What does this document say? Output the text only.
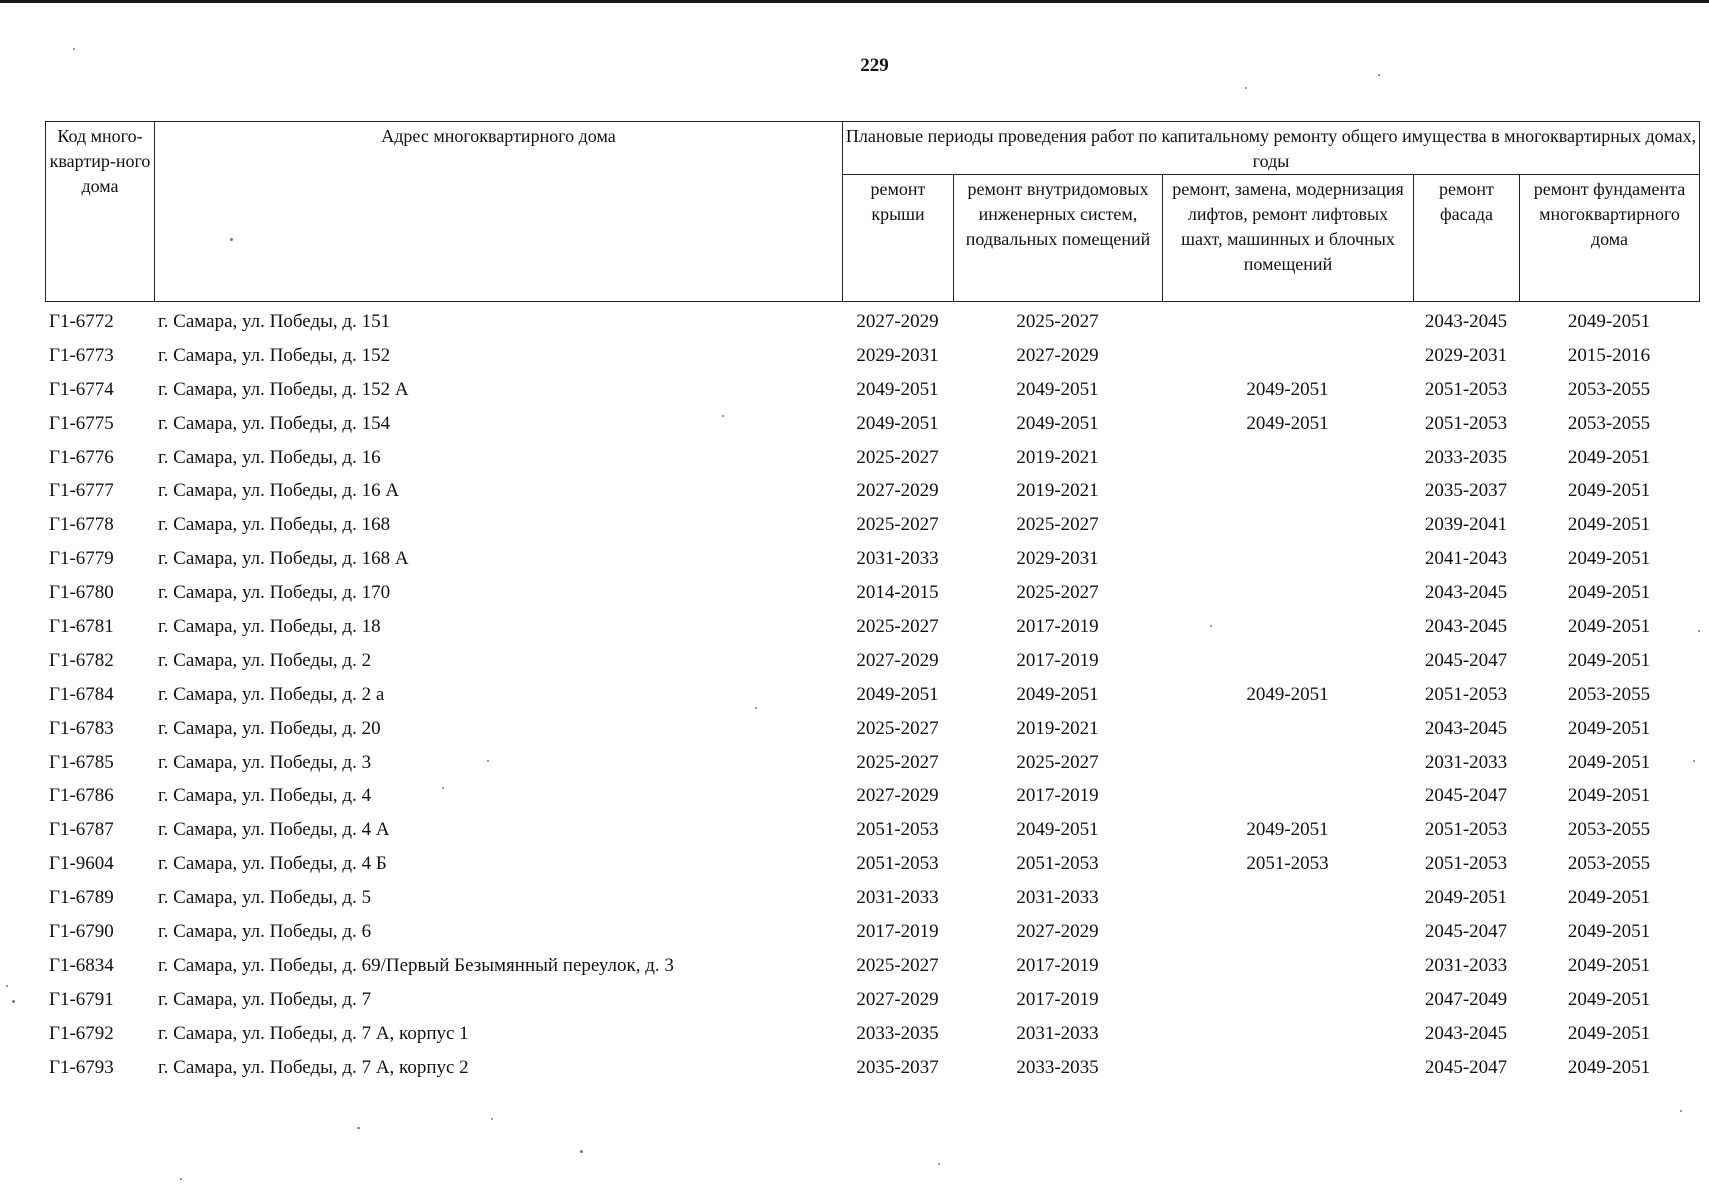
229
Код много-квартир-ного дома	Адрес многоквартирного дома	Плановые периоды проведения работ по капитальному ремонту общего имущества в многоквартирных домах, годы				
		ремонт крыши	ремонт внутридомовых инженерных систем, подвальных помещений	ремонт, замена, модернизация лифтов, ремонт лифтовых шахт, машинных и блочных помещений	ремонт фасада	ремонт фундамента многоквартирного дома
Г1-6772	г. Самара, ул. Победы, д. 151	2027-2029	2025-2027		2043-2045	2049-2051
Г1-6773	г. Самара, ул. Победы, д. 152	2029-2031	2027-2029		2029-2031	2015-2016
Г1-6774	г. Самара, ул. Победы, д. 152 А	2049-2051	2049-2051	2049-2051	2051-2053	2053-2055
Г1-6775	г. Самара, ул. Победы, д. 154	2049-2051	2049-2051	2049-2051	2051-2053	2053-2055
Г1-6776	г. Самара, ул. Победы, д. 16	2025-2027	2019-2021		2033-2035	2049-2051
Г1-6777	г. Самара, ул. Победы, д. 16 А	2027-2029	2019-2021		2035-2037	2049-2051
Г1-6778	г. Самара, ул. Победы, д. 168	2025-2027	2025-2027		2039-2041	2049-2051
Г1-6779	г. Самара, ул. Победы, д. 168 А	2031-2033	2029-2031		2041-2043	2049-2051
Г1-6780	г. Самара, ул. Победы, д. 170	2014-2015	2025-2027		2043-2045	2049-2051
Г1-6781	г. Самара, ул. Победы, д. 18	2025-2027	2017-2019		2043-2045	2049-2051
Г1-6782	г. Самара, ул. Победы, д. 2	2027-2029	2017-2019		2045-2047	2049-2051
Г1-6784	г. Самара, ул. Победы, д. 2 а	2049-2051	2049-2051	2049-2051	2051-2053	2053-2055
Г1-6783	г. Самара, ул. Победы, д. 20	2025-2027	2019-2021		2043-2045	2049-2051
Г1-6785	г. Самара, ул. Победы, д. 3	2025-2027	2025-2027		2031-2033	2049-2051
Г1-6786	г. Самара, ул. Победы, д. 4	2027-2029	2017-2019		2045-2047	2049-2051
Г1-6787	г. Самара, ул. Победы, д. 4 А	2051-2053	2049-2051	2049-2051	2051-2053	2053-2055
Г1-9604	г. Самара, ул. Победы, д. 4 Б	2051-2053	2051-2053	2051-2053	2051-2053	2053-2055
Г1-6789	г. Самара, ул. Победы, д. 5	2031-2033	2031-2033		2049-2051	2049-2051
Г1-6790	г. Самара, ул. Победы, д. 6	2017-2019	2027-2029		2045-2047	2049-2051
Г1-6834	г. Самара, ул. Победы, д. 69/Первый Безымянный переулок, д. 3	2025-2027	2017-2019		2031-2033	2049-2051
Г1-6791	г. Самара, ул. Победы, д. 7	2027-2029	2017-2019		2047-2049	2049-2051
Г1-6792	г. Самара, ул. Победы, д. 7 А, корпус 1	2033-2035	2031-2033		2043-2045	2049-2051
Г1-6793	г. Самара, ул. Победы, д. 7 А, корпус 2	2035-2037	2033-2035		2045-2047	2049-2051
